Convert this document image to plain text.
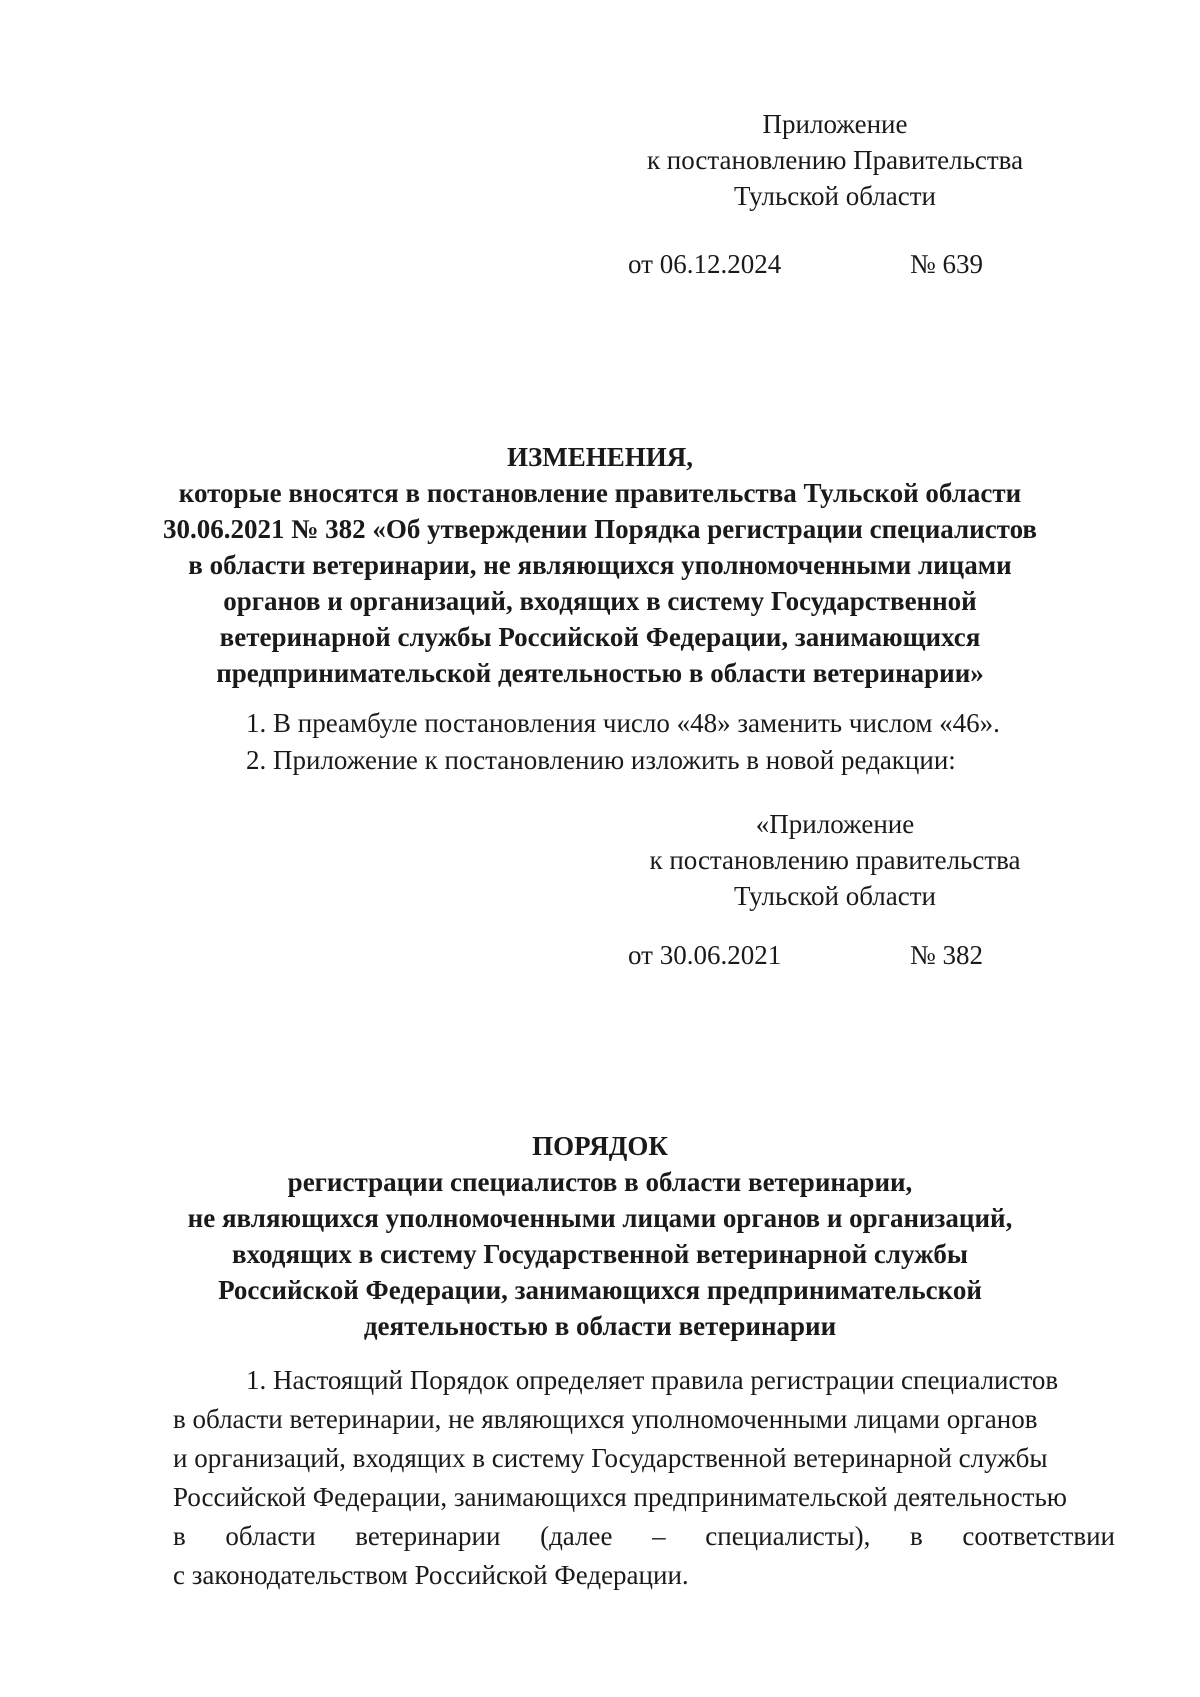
Приложение
к постановлению Правительства
Тульской области
от 06.12.2024	№ 639
ИЗМЕНЕНИЯ,
которые вносятся в постановление правительства Тульской области
30.06.2021 № 382 «Об утверждении Порядка регистрации специалистов
в области ветеринарии, не являющихся уполномоченными лицами
органов и организаций, входящих в систему Государственной
ветеринарной службы Российской Федерации, занимающихся
предпринимательской деятельностью в области ветеринарии»
1. В преамбуле постановления число «48» заменить числом «46».
2. Приложение к постановлению изложить в новой редакции:
«Приложение
к постановлению правительства
Тульской области
от 30.06.2021	№ 382
ПОРЯДОК
регистрации специалистов в области ветеринарии,
не являющихся уполномоченными лицами органов и организаций,
входящих в систему Государственной ветеринарной службы
Российской Федерации, занимающихся предпринимательской
деятельностью в области ветеринарии
1. Настоящий Порядок определяет правила регистрации специалистов
в области ветеринарии, не являющихся уполномоченными лицами органов
и организаций, входящих в систему Государственной ветеринарной службы
Российской Федерации, занимающихся предпринимательской деятельностью
в области ветеринарии (далее – специалисты), в соответствии
с законодательством Российской Федерации.
